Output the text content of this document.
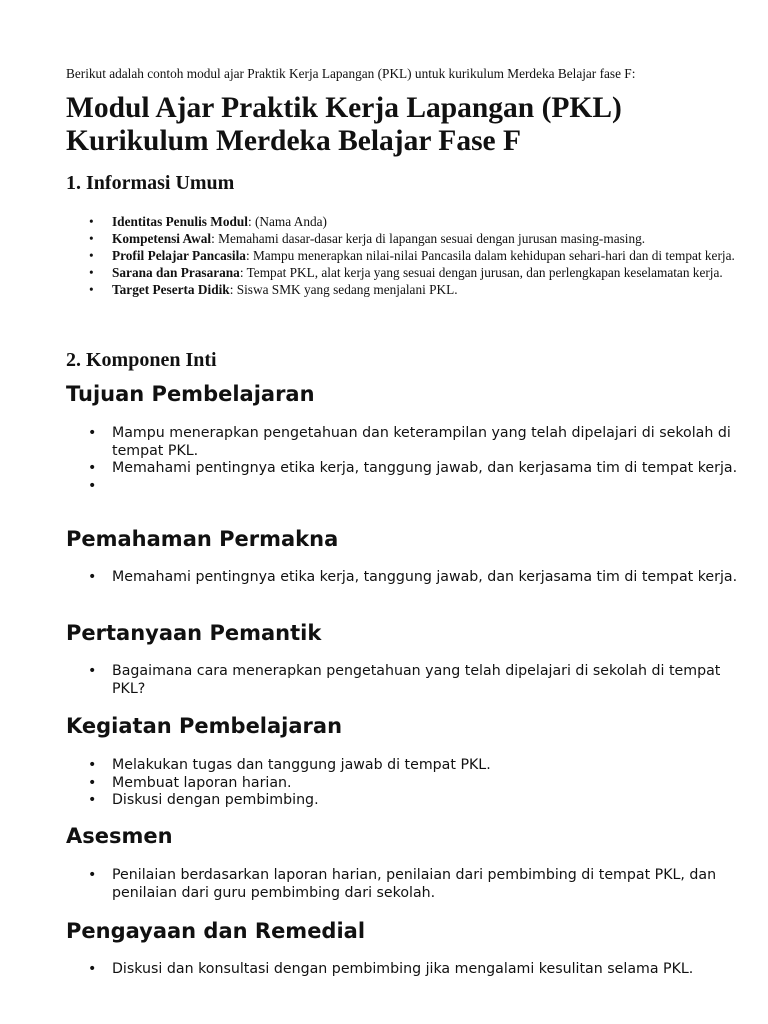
Berikut adalah contoh modul ajar Praktik Kerja Lapangan (PKL) untuk kurikulum Merdeka Belajar fase F:

Modul Ajar Praktik Kerja Lapangan (PKL)
Kurikulum Merdeka Belajar Fase F
1. Informasi Umum
• Identitas Penulis Modul: (Nama Anda)
• Kompetensi Awal: Memahami dasar-dasar kerja di lapangan sesuai dengan jurusan masing-masing.
• Profil Pelajar Pancasila: Mampu menerapkan nilai-nilai Pancasila dalam kehidupan sehari-hari dan di tempat kerja.
• Sarana dan Prasarana: Tempat PKL, alat kerja yang sesuai dengan jurusan, dan perlengkapan keselamatan kerja.
• Target Peserta Didik: Siswa SMK yang sedang menjalani PKL.
2. Komponen Inti
Tujuan Pembelajaran
• Mampu menerapkan pengetahuan dan keterampilan yang telah dipelajari di sekolah di tempat PKL.
• Memahami pentingnya etika kerja, tanggung jawab, dan kerjasama tim di tempat kerja.
•
Pemahaman Permakna
• Memahami pentingnya etika kerja, tanggung jawab, dan kerjasama tim di tempat kerja.
Pertanyaan Pemantik
• Bagaimana cara menerapkan pengetahuan yang telah dipelajari di sekolah di tempat PKL?
Kegiatan Pembelajaran
• Melakukan tugas dan tanggung jawab di tempat PKL.
• Membuat laporan harian.
• Diskusi dengan pembimbing.
Asesmen
• Penilaian berdasarkan laporan harian, penilaian dari pembimbing di tempat PKL, dan penilaian dari guru pembimbing dari sekolah.
Pengayaan dan Remedial
• Diskusi dan konsultasi dengan pembimbing jika mengalami kesulitan selama PKL.
